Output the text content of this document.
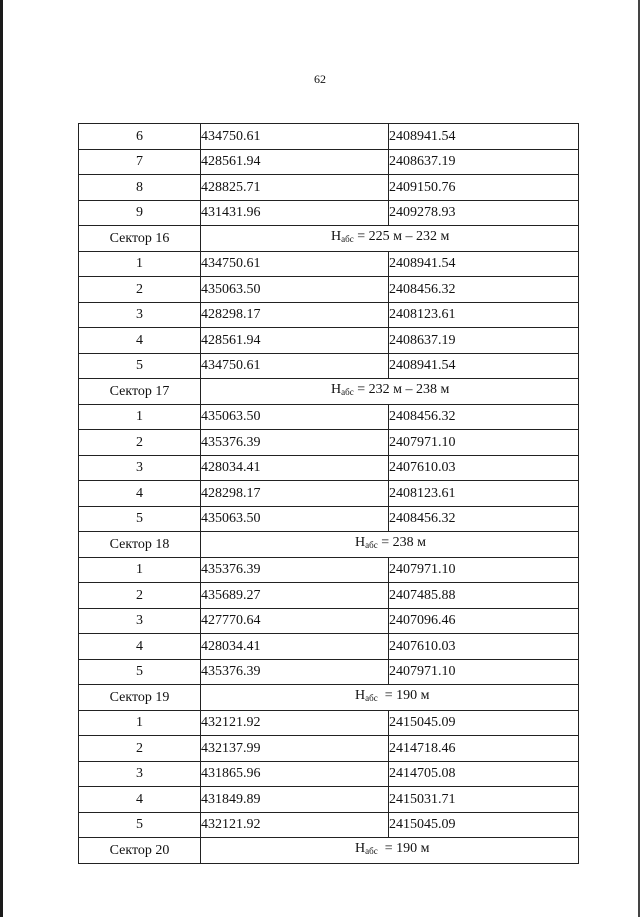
62
6	434750.61	2408941.54
7	428561.94	2408637.19
8	428825.71	2409150.76
9	431431.96	2409278.93
Сектор 16	$Н_{абс} = 225$ м – 232 м	
1	434750.61	2408941.54
2	435063.50	2408456.32
3	428298.17	2408123.61
4	428561.94	2408637.19
5	434750.61	2408941.54
Сектор 17	$Н_{абс} = 232$ м – 238 м	
1	435063.50	2408456.32
2	435376.39	2407971.10
3	428034.41	2407610.03
4	428298.17	2408123.61
5	435063.50	2408456.32
Сектор 18	$Н_{абс} = 238$ м	
1	435376.39	2407971.10
2	435689.27	2407485.88
3	427770.64	2407096.46
4	428034.41	2407610.03
5	435376.39	2407971.10
Сектор 19	$Н_{абс} = 190$ м	
1	432121.92	2415045.09
2	432137.99	2414718.46
3	431865.96	2414705.08
4	431849.89	2415031.71
5	432121.92	2415045.09
Сектор 20	$Н_{абс} = 190$ м	
